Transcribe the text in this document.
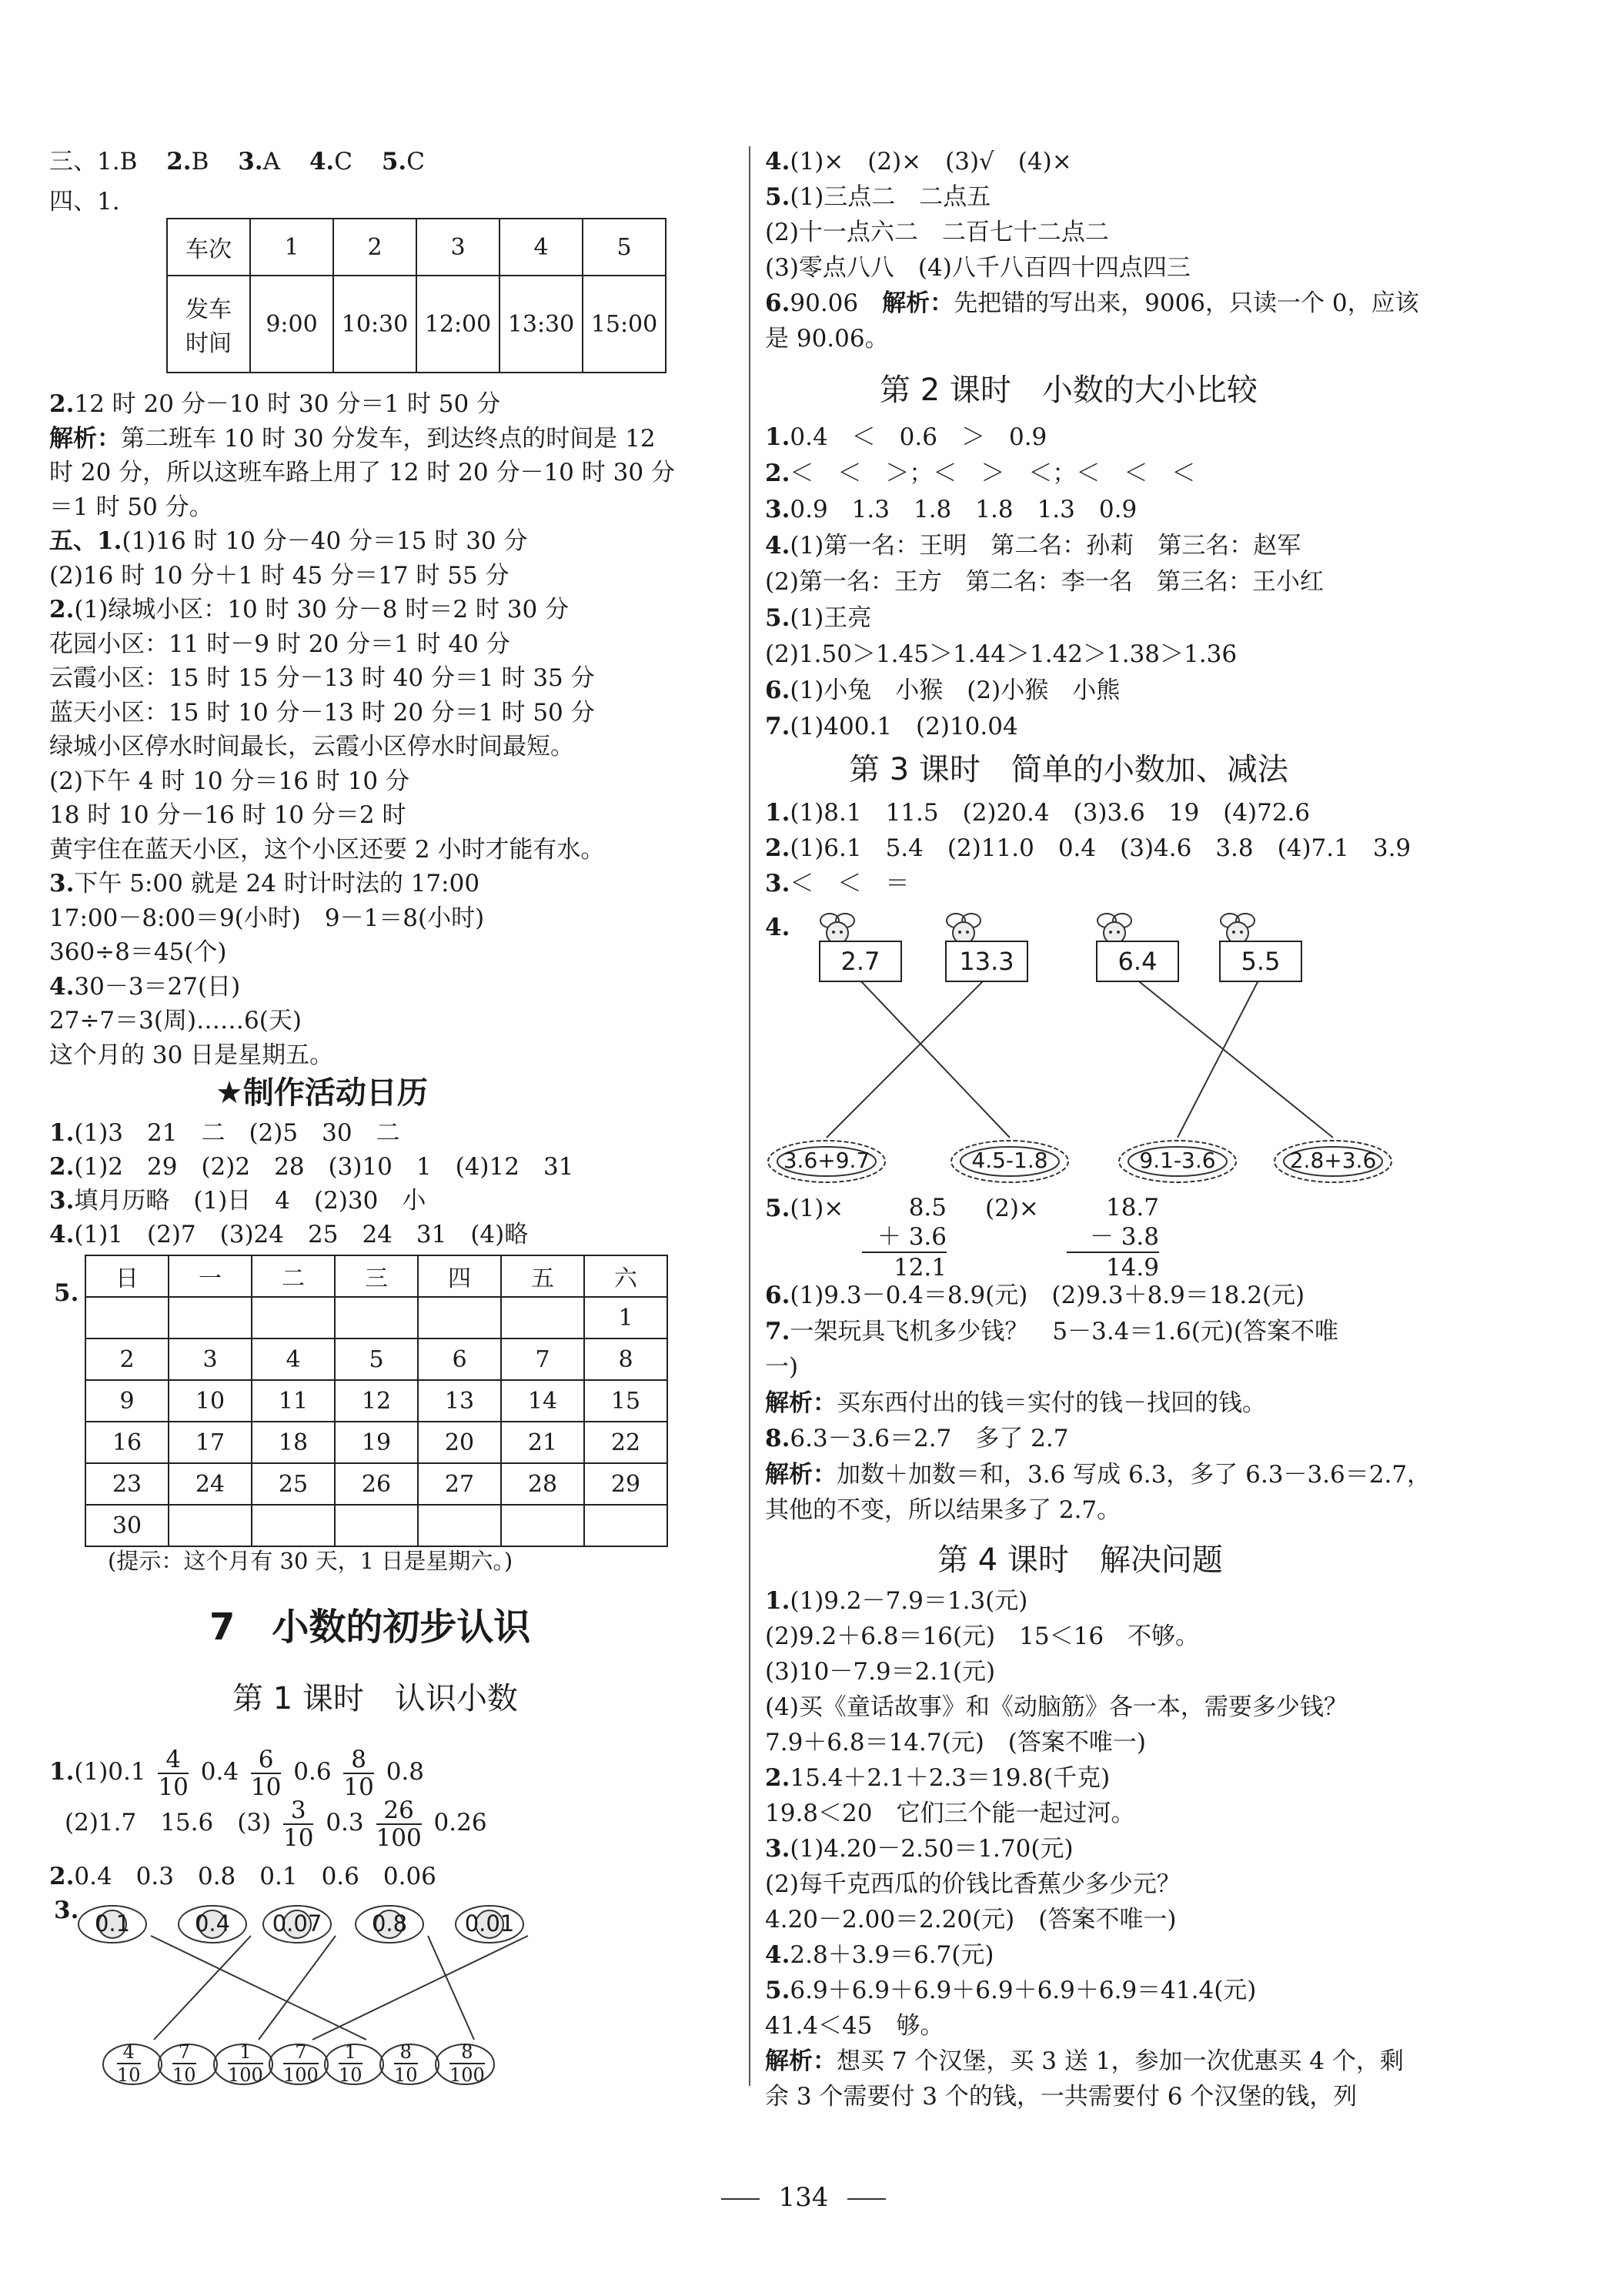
三、1.B 2.B 3.A 4.C 5.C
四、1.
车次	1	2	3	4	5

发车
时间	9:00	10:30	12:00	13:30	15:00
2.12 时 20 分－10 时 30 分＝1 时 50 分
解析：第二班车 10 时 30 分发车，到达终点的时间是 12
时 20 分，所以这班车路上用了 12 时 20 分－10 时 30 分
＝1 时 50 分。
五、1.(1)16 时 10 分－40 分＝15 时 30 分
(2)16 时 10 分＋1 时 45 分＝17 时 55 分
2.(1)绿城小区：10 时 30 分－8 时＝2 时 30 分
花园小区：11 时－9 时 20 分＝1 时 40 分
云霞小区：15 时 15 分－13 时 40 分＝1 时 35 分
蓝天小区：15 时 10 分－13 时 20 分＝1 时 50 分
绿城小区停水时间最长，云霞小区停水时间最短。
(2)下午 4 时 10 分＝16 时 10 分
18 时 10 分－16 时 10 分＝2 时
黄宇住在蓝天小区，这个小区还要 2 小时才能有水。
3.下午 5:00 就是 24 时计时法的 17:00
17:00－8:00＝9(小时)　9－1＝8(小时)
360÷8＝45(个)
4.30－3＝27(日)
27÷7＝3(周)……6(天)
这个月的 30 日是星期五。
★制作活动日历
1.(1)3　21　二　(2)5　30　二
2.(1)2　29　(2)2　28　(3)10　1　(4)12　31
3.填月历略　(1)日　4　(2)30　小
4.(1)1　(2)7　(3)24　25　24　31　(4)略
5.
日	一	二	三	四	五	六
						1
2	3	4	5	6	7	8
9	10	11	12	13	14	15
16	17	18	19	20	21	22
23	24	25	26	27	28	29
30						
(提示：这个月有 30 天，1 日是星期六。)
7　小数的初步认识
第 1 课时　认识小数
$1.(1)0.1 \frac{4}{10} 0.4 \frac{6}{10} 0.6 \frac{8}{10} 0.8$
(2)1.7　15.6　$(3) \frac{3}{10} 0.3 \frac{26}{100} 0.26$
2.0.4　0.3　0.8　0.1　0.6　0.06
3. 0.1	0.4	0.07	0.8	0.01
$\frac{4}{10} \frac{7}{10} \frac{1}{100} \frac{7}{100} \frac{1}{10} \frac{8}{10} \frac{8}{100}$
4.(1)×　(2)×　(3)√　(4)×
5.(1)三点二　二点五
(2)十一点六二　二百七十二点二
(3)零点八八　(4)八千八百四十四点四三
6.90.06　解析：先把错的写出来，9006，只读一个 0，应该
是 90.06。
第 2 课时　小数的大小比较
1.0.4　＜　0.6　＞　0.9
2.＜　＜　＞；＜　＞　＜；＜　＜　＜
3.0.9　1.3　1.8　1.8　1.3　0.9
4.(1)第一名：王明　第二名：孙莉　第三名：赵军
(2)第一名：王方　第二名：李一名　第三名：王小红
5.(1)王亮
(2)1.50＞1.45＞1.44＞1.42＞1.38＞1.36
6.(1)小兔　小猴　(2)小猴　小熊
7.(1)400.1　(2)10.04
第 3 课时　简单的小数加、减法
1.(1)8.1　11.5　(2)20.4　(3)3.6　19　(4)72.6
2.(1)6.1　5.4　(2)11.0　0.4　(3)4.6　3.8　(4)7.1　3.9
3.＜　＜　＝
4.
2.7	13.3	6.4	5.5
3.6+9.7	4.5-1.8	9.1-3.6	2.8+3.6
5.(1)×	8.5
＋ 3.6
12.1
(2)×	18.7
－ 3.8
14.9
6.(1)9.3－0.4＝8.9(元)　(2)9.3＋8.9＝18.2(元)
7.一架玩具飞机多少钱？　5－3.4＝1.6(元)(答案不唯
一)
解析：买东西付出的钱＝实付的钱－找回的钱。
8.6.3－3.6＝2.7　多了 2.7
解析：加数＋加数＝和，3.6 写成 6.3，多了 6.3－3.6＝2.7，
其他的不变，所以结果多了 2.7。
第 4 课时　解决问题
1.(1)9.2－7.9＝1.3(元)
(2)9.2＋6.8＝16(元)　15＜16　不够。
(3)10－7.9＝2.1(元)
(4)买《童话故事》和《动脑筋》各一本，需要多少钱？
7.9＋6.8＝14.7(元)　(答案不唯一)
2.15.4＋2.1＋2.3＝19.8(千克)
19.8＜20　它们三个能一起过河。
3.(1)4.20－2.50＝1.70(元)
(2)每千克西瓜的价钱比香蕉少多少元？
4.20－2.00＝2.20(元)　(答案不唯一)
4.2.8＋3.9＝6.7(元)
5.6.9＋6.9＋6.9＋6.9＋6.9＋6.9＝41.4(元)
41.4＜45　够。
解析：想买 7 个汉堡，买 3 送 1，参加一次优惠买 4 个，剩
余 3 个需要付 3 个的钱，一共需要付 6 个汉堡的钱，列
134
